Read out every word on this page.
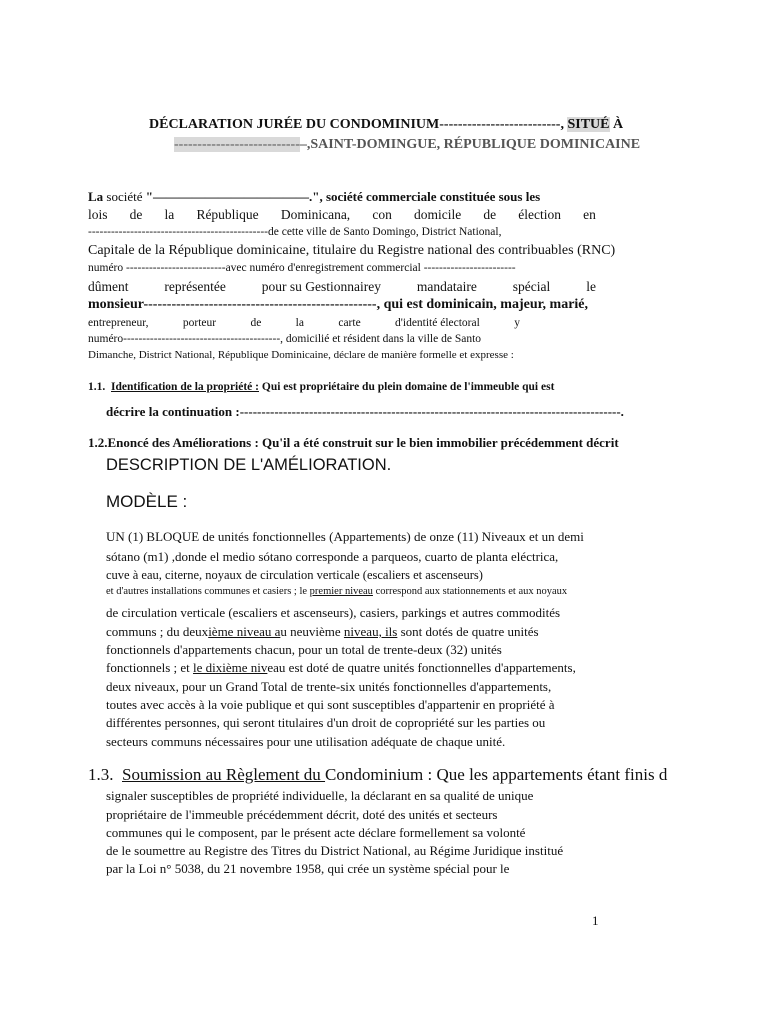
DÉCLARATION JURÉE DU CONDOMINIUM--------------------------, SITUÉ À
---------------------------–,SAINT-DOMINGUE, RÉPUBLIQUE DOMINICAINE
La société "————————————.", société commerciale constituée sous les
lois de la République Dominicana, con domicile de élection en
-----------------------------------------------de cette ville de Santo Domingo, District National,
Capitale de la République dominicaine, titulaire du Registre national des contribuables (RNC)
numéro --------------------------avec numéro d'enregistrement commercial ------------------------
dûment	représentée	pour su Gestionnairey	mandataire	spécial	le
monsieur--------------------------------------------------, qui est dominicain, majeur, marié,
entrepreneur,	porteur	de	la	carte	d'identité électoral	y
numéro-----------------------------------------, domicilié et résident dans la ville de Santo
Dimanche, District National, République Dominicaine, déclare de manière formelle et expresse :
1.1. Identification de la propriété : Qui est propriétaire du plein domaine de l'immeuble qui est
décrire la continuation :----------------------------------------------------------------------------------------.
1.2.Enoncé des Améliorations : Qu'il a été construit sur le bien immobilier précédemment décrit
DESCRIPTION DE L'AMÉLIORATION.
MODÈLE :
UN (1) BLOQUE de unités fonctionnelles (Appartements) de onze (11) Niveaux et un demi
sótano (m1) ,donde el medio sótano corresponde a parqueos, cuarto de planta eléctrica,
cuve à eau, citerne, noyaux de circulation verticale (escaliers et ascenseurs)
et d'autres installations communes et casiers ; le premier niveau correspond aux stationnements et aux noyaux
de circulation verticale (escaliers et ascenseurs), casiers, parkings et autres commodités
communs ; du deuxième niveau au neuvième niveau, ils sont dotés de quatre unités
fonctionnels d'appartements chacun, pour un total de trente-deux (32) unités
fonctionnels ; et le dixième niveau est doté de quatre unités fonctionnelles d'appartements,
deux niveaux, pour un Grand Total de trente-six unités fonctionnelles d'appartements,
toutes avec accès à la voie publique et qui sont susceptibles d'appartenir en propriété à
différentes personnes, qui seront titulaires d'un droit de copropriété sur les parties ou
secteurs communs nécessaires pour une utilisation adéquate de chaque unité.
1.3. Soumission au Règlement du Condominium : Que les appartements étant finis d
signaler susceptibles de propriété individuelle, la déclarant en sa qualité de unique
propriétaire de l'immeuble précédemment décrit, doté des unités et secteurs
communes qui le composent, par le présent acte déclare formellement sa volonté
de le soumettre au Registre des Titres du District National, au Régime Juridique institué
par la Loi n° 5038, du 21 novembre 1958, qui crée un système spécial pour le
1
